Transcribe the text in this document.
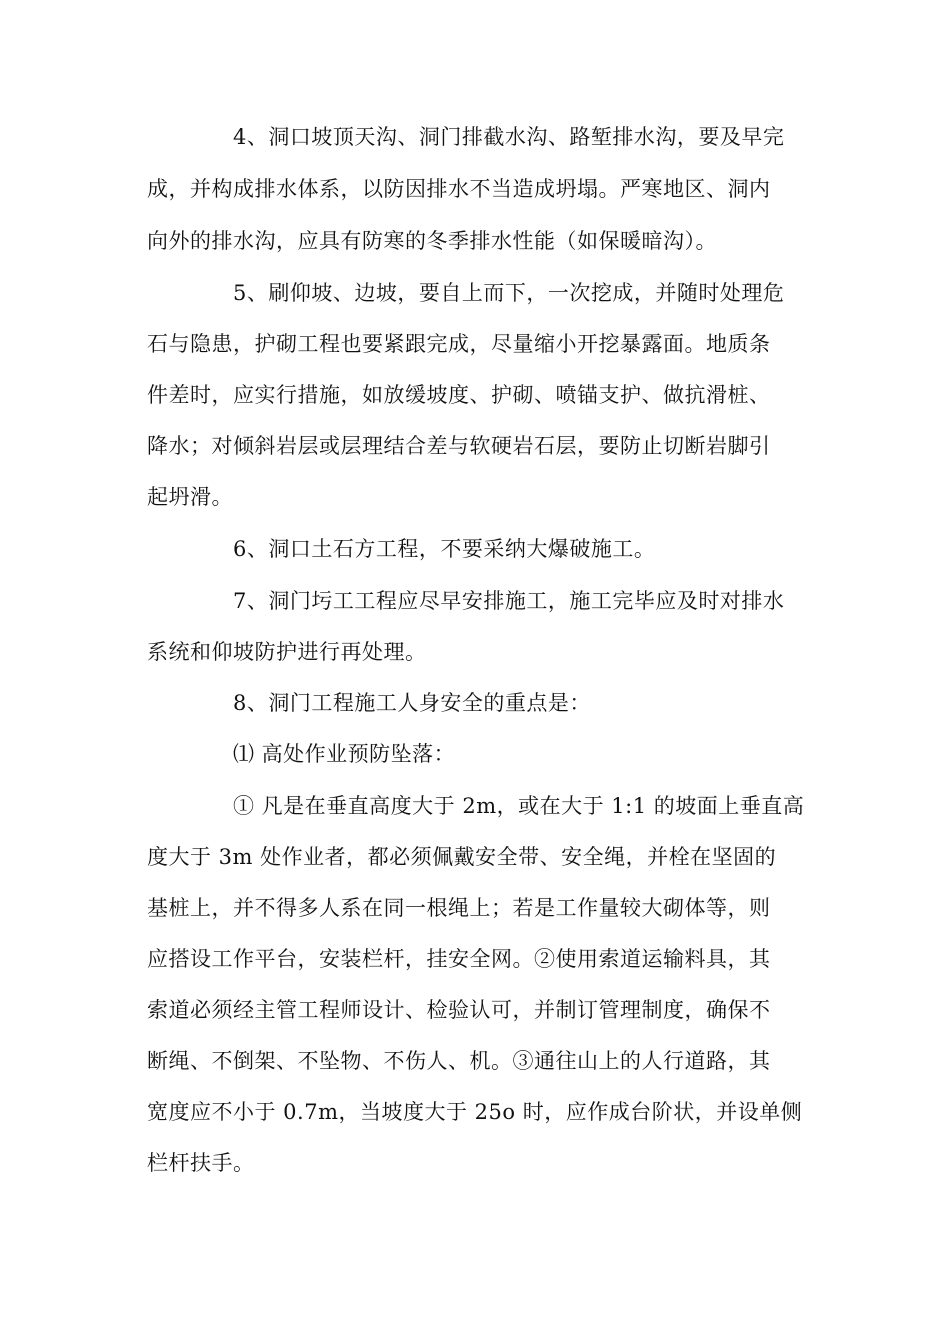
4、洞口坡顶天沟、洞门排截水沟、路堑排水沟，要及早完
成，并构成排水体系，以防因排水不当造成坍塌。严寒地区、洞内
向外的排水沟，应具有防寒的冬季排水性能（如保暖暗沟）。
5、刷仰坡、边坡，要自上而下，一次挖成，并随时处理危
石与隐患，护砌工程也要紧跟完成，尽量缩小开挖暴露面。地质条
件差时，应实行措施，如放缓坡度、护砌、喷锚支护、做抗滑桩、
降水；对倾斜岩层或层理结合差与软硬岩石层，要防止切断岩脚引
起坍滑。
6、洞口土石方工程，不要采纳大爆破施工。
7、洞门圬工工程应尽早安排施工，施工完毕应及时对排水
系统和仰坡防护进行再处理。
8、洞门工程施工人身安全的重点是：
⑴ 高处作业预防坠落：
① 凡是在垂直高度大于 2m，或在大于 1:1 的坡面上垂直高
度大于 3m 处作业者，都必须佩戴安全带、安全绳，并栓在坚固的
基桩上，并不得多人系在同一根绳上；若是工作量较大砌体等，则
应搭设工作平台，安装栏杆，挂安全网。②使用索道运输料具，其
索道必须经主管工程师设计、检验认可，并制订管理制度，确保不
断绳、不倒架、不坠物、不伤人、机。③通往山上的人行道路，其
宽度应不小于 0.7m，当坡度大于 25o 时，应作成台阶状，并设单侧
栏杆扶手。
